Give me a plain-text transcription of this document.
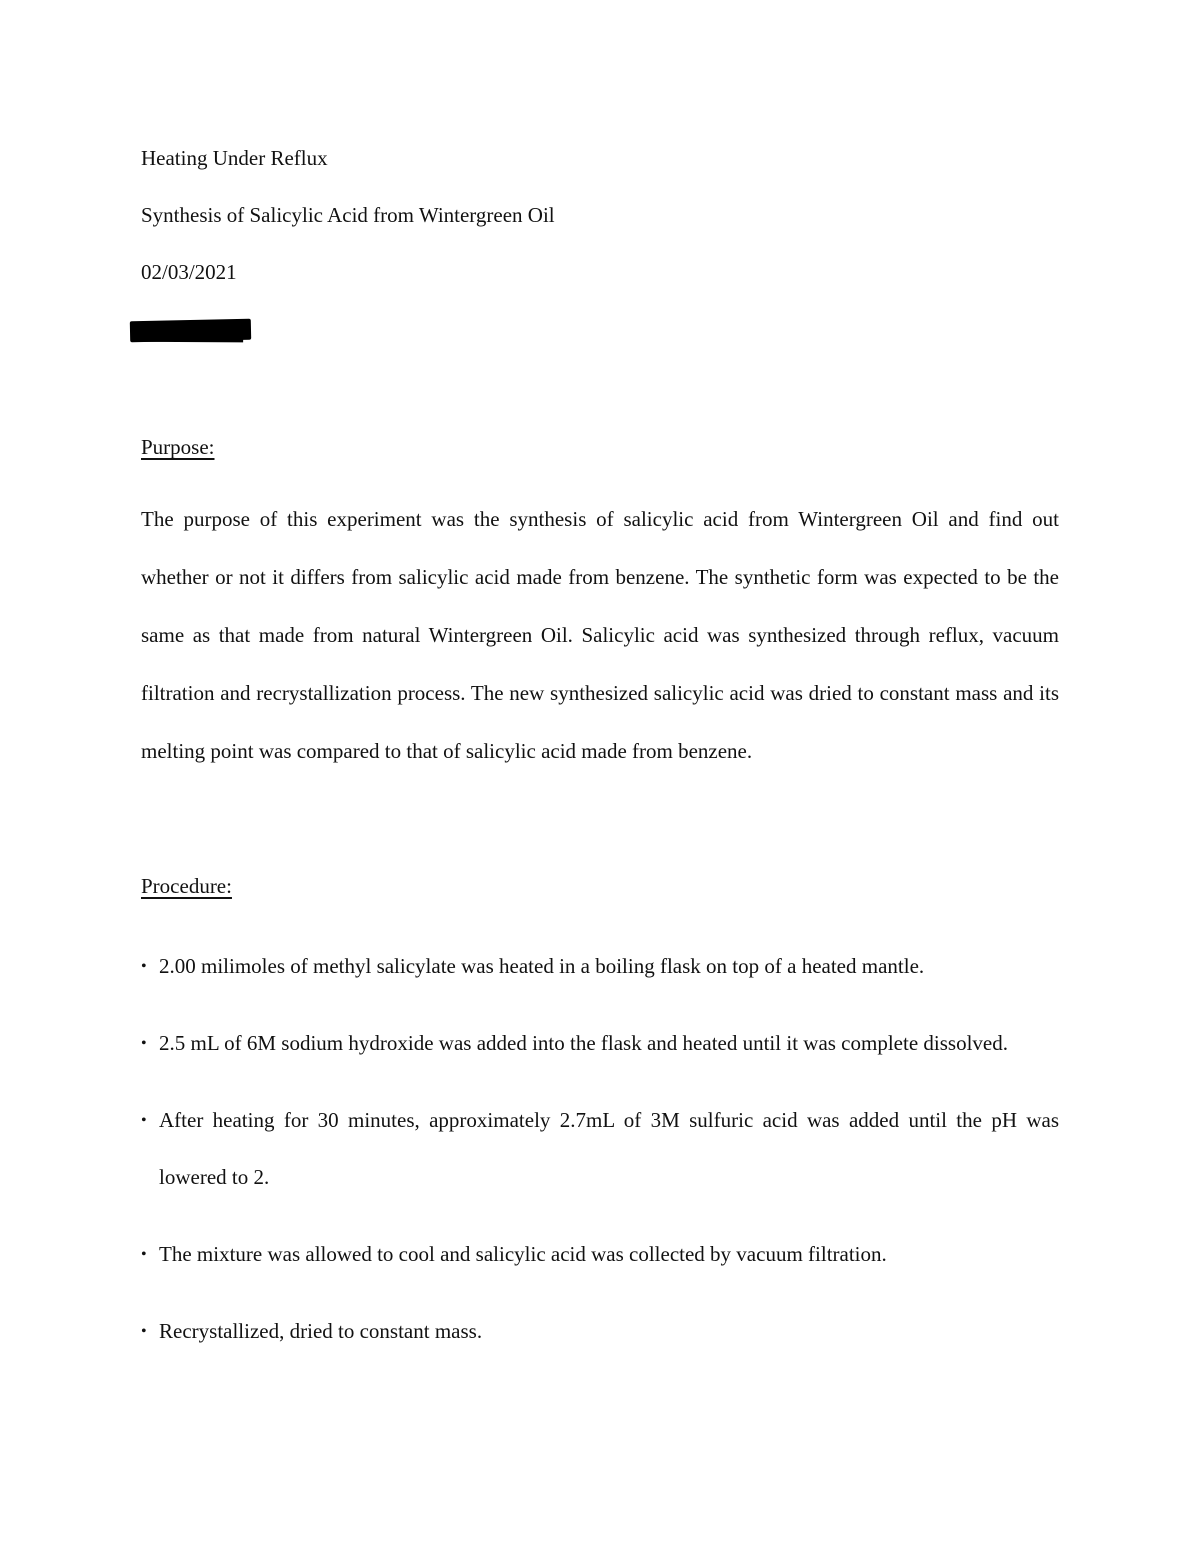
Heating Under Reflux
Synthesis of Salicylic Acid from Wintergreen Oil
02/03/2021
Purpose:
The purpose of this experiment was the synthesis of salicylic acid from Wintergreen Oil and find out whether or not it differs from salicylic acid made from benzene. The synthetic form was expected to be the same as that made from natural Wintergreen Oil. Salicylic acid was synthesized through reflux, vacuum filtration and recrystallization process. The new synthesized salicylic acid was dried to constant mass and its melting point was compared to that of salicylic acid made from benzene.
Procedure:
• 2.00 milimoles of methyl salicylate was heated in a boiling flask on top of a heated mantle.
• 2.5 mL of 6M sodium hydroxide was added into the flask and heated until it was complete dissolved.
• After heating for 30 minutes, approximately 2.7mL of 3M sulfuric acid was added until the pH was lowered to 2.
• The mixture was allowed to cool and salicylic acid was collected by vacuum filtration.
• Recrystallized, dried to constant mass.
